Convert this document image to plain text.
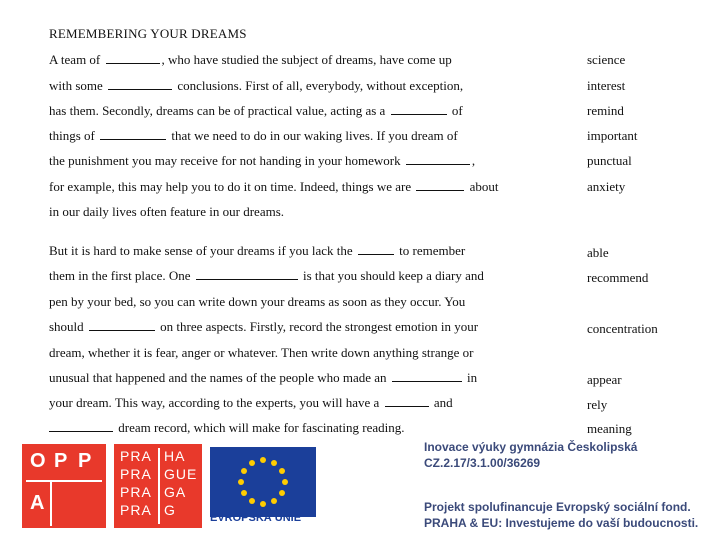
REMEMBERING YOUR DREAMS
A team of	, who have studied the subject of dreams, have come up
with some	conclusions. First of all, everybody, without exception,
has them. Secondly, dreams can be of practical value, acting as a	of
things of	that we need to do in our waking lives. If you dream of
the punishment you may receive for not handing in your homework	,
for example, this may help you to do it on time. Indeed, things we are	about
in our daily lives often feature in our dreams.
But it is hard to make sense of your dreams if you lack the	to remember
them in the first place. One	is that you should keep a diary and
pen by your bed, so you can write down your dreams as soon as they occur. You
should	on three aspects. Firstly, record the strongest emotion in your
dream, whether it is fear, anger or whatever. Then write down anything strange or
unusual that happened and the names of the people who made an	in
your dream. This way, according to the experts, you will have a	and
dream record, which will make for fascinating reading.
science
interest
remind
important
punctual
anxiety
able
recommend
concentration
appear
rely
meaning
O P P
A
PRA
PRA
PRA
PRA
HA
GUE
GA
G	EVROPSKÁ UNIE
Inovace výuky gymnázia Českolipská
CZ.2.17/3.1.00/36269
Projekt spolufinancuje Evropský sociální fond.
PRAHA & EU: Investujeme do vaší budoucnosti.
